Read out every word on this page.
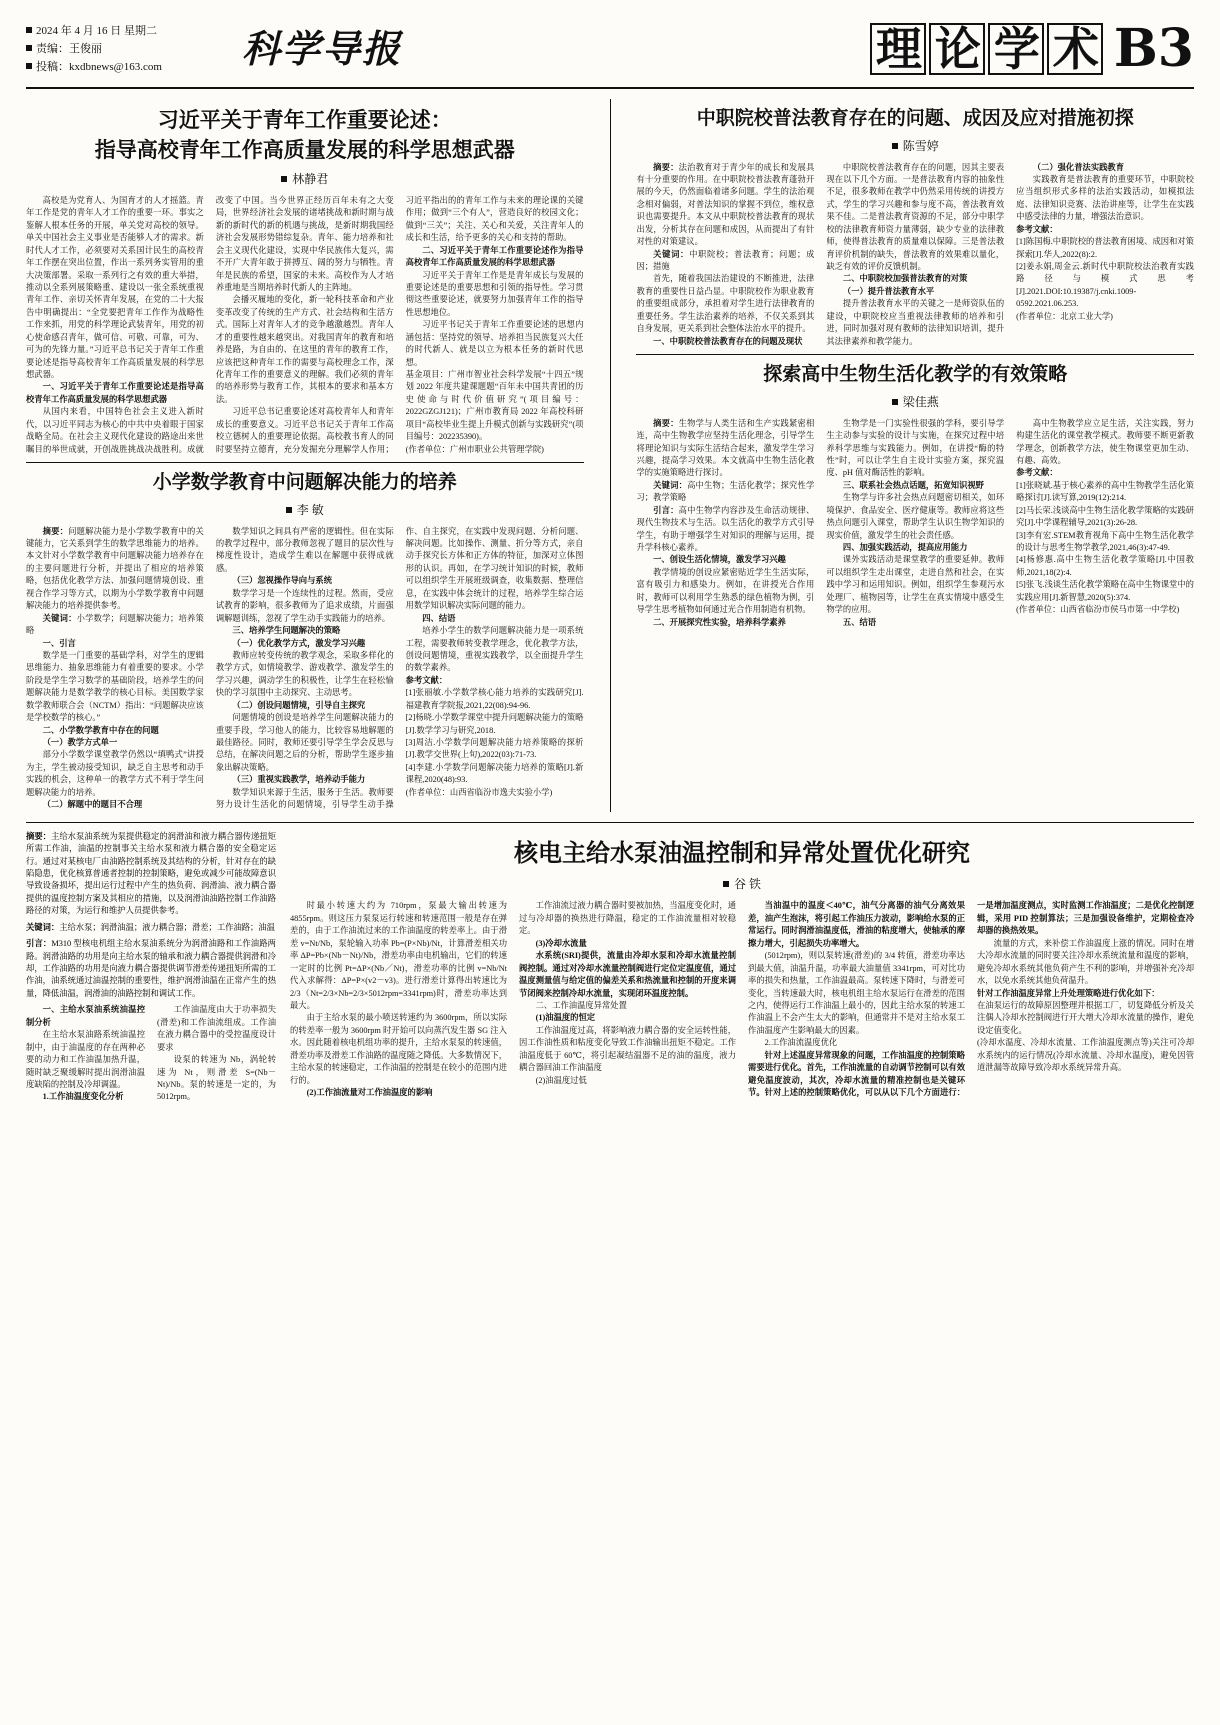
2024 年 4 月 16 日 星期二
责编：王俊丽
投稿：kxdbnews@163.com	科学导报	理 论 学 术 B3
习近平关于青年工作重要论述：
指导高校青年工作高质量发展的科学思想武器
林静君

高校是为党育人、为国育才的人才摇篮。青年工作是党的青年人才工作的重要一环。事实之鉴解人根本任务的开展，单关党对高校的领导。单关中国社会主义事业是否能够人才的需求。新时代人才工作，必须要对关系国计民生的高校青年工作摆在突出位置，作出一系列务实管用的重大决策部署。采取一系列行之有效的重大举措，推动以全系列展策略重、建设以一张全系统重视青年工作、亲切关怀青年发展，在党的二十大报告中明确提出：“全党要把青年工作作为战略性工作来抓，用党的科学理论武装青年，用党的初心使命感召青年，做可信、可敬、可靠，可为、可为的先锋力量。”习近平总书记关于青年工作重要论述是指导高校青年工作高质量发展的科学思想武器。

一、习近平关于青年工作重要论述是指导高校青年工作高质量发展的科学思想武器

从国内来看，中国特色社会主义进入新时代，以习近平同志为核心的中共中央着眼于国家战略全局。在社会主义现代化建设的路途出来世瞩目的举世成就，开创战胜挑战决战胜利。成就改变了中国。当今世界正经历百年未有之大变局，世界经济社会发展的诸堵挑战和新时期与战新的新时代的新的机遇与挑战，是新时期我国经济社会发展形势错综复杂。青年、能力培养和社会主义现代化建设，实现中华民族伟大复兴，需不开广大青年敢于拼搏互、阔的努力与牺牲。青年是民族的希望，国家的未来。高校作为人才培养重地是当期培养时代新人的主阵地。

会播灭履地的变化，新一轮科技革命和产业变革改变了传统的生产方式、社会结构和生活方式。国际上对青年人才的竞争越激越烈。青年人才的重要性越来越突出。对我国青年的教育和培养是路，为自由的、在这里的青年的教育工作，应该把这种青年工作的需要与高校理念工作，深化青年工作的重要意义的理解。我们必须的青年的培养形势与教育工作，其根本的要求和基本方法。

习近平总书记重要论述对高校青年人和青年成长的重要意义。习近平总书记关于青年工作高校立德树人的重要理论依据。高校教书育人的同时要坚持立德育，充分发掘充分理解学人作用；习近平指出的的青年工作与未来的理论课的关键作用；做到“三个有人”，营造良好的校园文化；做到“三关”；关注、关心和关爱，关注青年人的成长和生活，给予更多的关心和支持的帮助。

二、习近平关于青年工作重要论述作为指导高校青年工作高质量发展的科学思想武器

习近平关于青年工作是是青年成长与发展的重要论述是的重要思想和引领的指导性。学习贯彻这些重要论述，就要努力加强青年工作的指导性思想地位。

习近平书记关于青年工作重要论述的思想内涵包括：坚持党的领导、培养担当民族复兴大任的时代新人、就是以立为根本任务的新时代思想。

基金项目：广州市智业社会科学发展“十四五”规划 2022 年度共建课题题“百年未中国共青团的历史使命与时代价值研究”(项目编号：2022GZGJ121)；广州市教育局 2022 年高校科研项目“高校毕业生提上升模式创新与实践研究”(项目编号：202235390)。

(作者单位：广州市职业公共管理学院)

小学数学教育中问题解决能力的培养
李 敏

摘要：问题解决能力是小学数学教育中的关键能力，它关系到学生的数学思维能力的培养。本文针对小学数学教育中问题解决能力培养存在的主要问题进行分析，并提出了相应的培养策略，包括优化教学方法、加强问题情境创设、重视合作学习等方式，以期为小学数学教育中问题解决能力的培养提供参考。

关键词：小学数学；问题解决能力；培养策略

一、引言

数学是一门重要的基础学科，对学生的逻辑思维能力、抽象思维能力有着重要的要求。小学阶段是学生学习数学的基础阶段，培养学生的问题解决能力是数学教学的核心目标。美国数学家数学教师联合会（NCTM）指出：“问题解决应该是学校数学的核心。”

二、小学数学教育中存在的问题

（一）教学方式单一

部分小学数学课堂教学仍然以“填鸭式”讲授为主，学生被动接受知识，缺乏自主思考和动手实践的机会，这种单一的教学方式不利于学生问题解决能力的培养。

（二）解题中的题目不合理

数学知识之间具有严密的逻辑性。但在实际的教学过程中，部分教师忽视了题目的层次性与梯度性设计，造成学生难以在解题中获得成就感。

（三）忽视操作导向与系统

数学学习是一个连续性的过程。然而，受应试教育的影响，很多教师为了追求成绩，片面强调解题训练，忽视了学生动手实践能力的培养。

三、培养学生问题解决的策略

（一）优化教学方式，激发学习兴趣

教师应转变传统的教学观念，采取多样化的教学方式，如情境教学、游戏教学、激发学生的学习兴趣，调动学生的积极性，让学生在轻松愉快的学习氛围中主动探究、主动思考。

（二）创设问题情境，引导自主探究

问题情境的创设是培养学生问题解决能力的重要手段，学习他人的能力，比较容易地解题的最佳路径。同时，教师还要引导学生学会反思与总结，在解决问题之后的分析，帮助学生逐步抽象出解决策略。

（三）重视实践教学，培养动手能力

数学知识来源于生活，服务于生活。教师要努力设计生活化的问题情境，引导学生动手操作、自主探究，在实践中发现问题、分析问题、解决问题。比如操作、测量、折分等方式，亲自动手探究长方体和正方体的特征，加深对立体图形的认识。再如，在学习统计知识的时候，教师可以组织学生开展班级调查，收集数据、整理信息，在实践中体会统计的过程，培养学生综合运用数学知识解决实际问题的能力。

四、结语

培养小学生的数学问题解决能力是一项系统工程，需要教师转变教学理念，优化教学方法，创设问题情境，重视实践教学，以全面提升学生的数学素养。

参考文献：

[1]张丽敏.小学数学核心能力培养的实践研究[J].福建教育学院报,2021,22(08):94-96.

[2]杨晓.小学数学课堂中提升问题解决能力的策略[J].数学学习与研究,2018.

[3]周洁.小学数学问题解决能力培养策略的探析[J].教学交世界(上旬),2022(03):71-73.

[4]李建.小学数学问题解决能力培养的策略[J].新课程,2020(48):93.

(作者单位：山西省临汾市逸夫实验小学)

中职院校普法教育存在的问题、成因及应对措施初探
陈雪婷

摘要：法治教育对于青少年的成长和发展具有十分重要的作用。在中职院校普法教育蓬勃开展的今天，仍然面临着诸多问题。学生的法治观念相对偏弱，对普法知识的掌握不到位，维权意识也需要提升。本文从中职院校普法教育的现状出发，分析其存在问题和成因，从而提出了有针对性的对策建议。

关键词：中职院校；普法教育；问题；成因；措施

首先，随着我国法治建设的不断推进，法律教育的重要性日益凸显。中职院校作为职业教育的重要组成部分，承担着对学生进行法律教育的重要任务。学生法治素养的培养，不仅关系到其自身发展，更关系到社会整体法治水平的提升。

一、中职院校普法教育存在的问题及现状

中职院校普法教育存在的问题，因其主要表现在以下几个方面。一是普法教育内容的抽象性不足，很多教师在教学中仍然采用传统的讲授方式，学生的学习兴趣和参与度不高，普法教育效果不佳。二是普法教育资源的不足，部分中职学校的法律教育师资力量薄弱，缺少专业的法律教师，使得普法教育的质量难以保障。三是普法教育评价机制的缺失，普法教育的效果难以量化，缺乏有效的评价反馈机制。

二、中职院校加强普法教育的对策

（一）提升普法教育水平

提升普法教育水平的关键之一是师资队伍的建设，中职院校应当重视法律教师的培养和引进，同时加强对现有教师的法律知识培训，提升其法律素养和教学能力。

（二）强化普法实践教育

实践教育是普法教育的重要环节，中职院校应当组织形式多样的法治实践活动，如模拟法庭、法律知识竞赛、法治讲座等，让学生在实践中感受法律的力量，增强法治意识。

参考文献：

[1]陈国梅.中职院校的普法教育困境、成因和对策探索[J].华人,2022(8):2.

[2]姜永娟,周金云.新时代中职院校法治教育实践路径与模式思考[J].2021.DOI:10.19387/j.cnki.1009-0592.2021.06.253.

(作者单位：北京工业大学)

探索高中生物生活化教学的有效策略
梁佳燕

摘要：生物学与人类生活和生产实践紧密相连，高中生物教学应坚持生活化理念，引导学生将理论知识与实际生活结合起来，激发学生学习兴趣，提高学习效果。本文就高中生物生活化教学的实施策略进行探讨。

关键词：高中生物；生活化教学；探究性学习；教学策略

引言：高中生物学内容涉及生命活动规律、现代生物技术与生活。以生活化的教学方式引导学生，有助于增强学生对知识的理解与运用，提升学科核心素养。

一、创设生活化情境，激发学习兴趣

教学情境的创设应紧密贴近学生生活实际，富有吸引力和感染力。例如，在讲授光合作用时，教师可以利用学生熟悉的绿色植物为例，引导学生思考植物如何通过光合作用制造有机物。

二、开展探究性实验，培养科学素养

生物学是一门实验性很强的学科，要引导学生主动参与实验的设计与实施，在探究过程中培养科学思维与实践能力。例如，在讲授“酶的特性”时，可以让学生自主设计实验方案，探究温度、pH 值对酶活性的影响。

三、联系社会热点话题，拓宽知识视野

生物学与许多社会热点问题密切相关，如环境保护、食品安全、医疗健康等。教师应将这些热点问题引入课堂，帮助学生认识生物学知识的现实价值，激发学生的社会责任感。

四、加强实践活动，提高应用能力

课外实践活动是课堂教学的重要延伸。教师可以组织学生走出课堂，走进自然和社会，在实践中学习和运用知识。例如，组织学生参观污水处理厂、植物园等，让学生在真实情境中感受生物学的应用。

五、结语

高中生物教学应立足生活，关注实践，努力构建生活化的课堂教学模式。教师要不断更新教学理念，创新教学方法，使生物课堂更加生动、有趣、高效。

参考文献：

[1]张晓斌.基于核心素养的高中生物教学生活化策略探讨[J].读写算,2019(12):214.

[2]马长荣.浅谈高中生物生活化教学策略的实践研究[J].中学课程辅导,2021(3):26-28.

[3]李有宏.STEM教育视角下高中生物生活化教学的设计与思考生物学教学,2021,46(3):47-49.

[4]杨修惠.高中生物生活化教学策略[J].中国教师,2021,18(2):4.

[5]张飞.浅谈生活化教学策略在高中生物课堂中的实践应用[J].新智慧,2020(5):374.

(作者单位：山西省临汾市侯马市第一中学校)

摘要：主给水泵油系统为泵提供稳定的润滑油和液力耦合器传递扭矩所需工作油，油温的控制事关主给水泵和液力耦合器的安全稳定运行。通过对某核电厂由油路控制系统及其结构的分析，针对存在的缺陷隐患，优化核算普通者控制的控制策略，避免或减少可能故障意识导致设备损坏，提出运行过程中产生的热负荷、润滑油、液力耦合器提供的温度控制方案及其相应的措施，以及润滑油油路控制工作油路路径的对策，为运行和维护人员提供参考。

关键词：主给水泵；润滑油温；液力耦合器；滑差；工作油路；油温

引言：M310 型核电机组主给水泵油系统分为润滑油路和工作油路两路。润滑油路的功用是向主给水泵的轴承和液力耦合器提供润滑和冷却，工作油路的功用是向液力耦合器提供调节滑差传递扭矩所需的工作油，油系统通过油温控制的重要性，维护润滑油温在正常产生的热量，降低油温，润滑油的油路控制和调试工作。

一、主给水泵油系统油温控制分析

在主给水泵油路系统油温控制中，由于油温度的存在两种必要的动力和工作油温加热升温，随时缺乏聚缓解时提出润滑油温度缺陷的控制及冷却调温。

1.工作油温度变化分析

工作油温度由大于功率损失(滑差)和工作油流组成。工作油在液力耦合器中的受控温度设计要求

设泵的转速为 Nb，涡轮转速为 Nt，则滑差 S=(Nb－Nt)/Nb。泵的转速是一定的，为 5012rpm。

核电主给水泵油温控制和异常处置优化研究
谷 铁

时最小转速大约为 710rpm，泵最大输出转速为 4855rpm。则这压力泵泵运行转速和转速范围一般是存在弹差的，由于工作油流过来的工作油温度的转差率上。由于滑差 v=Nt/Nb，泵轮输入功率 Pb=(P×Nb)/Nt，计算滑差相关功率 ΔP=Pb×(Nb－Nt)/Nb，滑差功率由电机输出，它们的转速一定时的比例 Pt=ΔP×(Nb／Nt)，滑差功率的比例 v=Nb/Nt 代入求解得：ΔP=P×(v2－v3)。进行滑差计算得出转速比为 2/3（Nt=2/3×Nb=2/3×5012rpm=3341rpm)时，滑差功率达到最大。

由于主给水泵的最小喷送转速约为 3600rpm，所以实际的转差率一般为 3600rpm 时开始可以向蒸汽发生器 SG 注入水。因此随着核电机组功率的提升，主给水泵泵的转速值，滑差功率及滑差工作油路的温度随之降低。大多数情况下，主给水泵的转速稳定，工作油温的控制是在较小的范围内进行的。

(2)工作油流量对工作油温度的影响

工作油流过液力耦合器时要被加热，当温度变化时，通过与冷却器的换热进行降温，稳定的工作油流量相对较稳定。

(3)冷却水流量

水系统(SRI)提供，流量由冷却水泵和冷却水流量控制阀控制。通过对冷却水流量控制阀进行定位定温度值，通过温度测量值与给定值的偏差关系和热流量和控制的开度来调节闭阀来控制冷却水流量，实现闭环温度控制。

二、工作油温度异常处置

(1)油温度的恒定

工作油温度过高，将影响液力耦合器的安全运转性能，因工作油性质和粘度变化导致工作油输出扭矩不稳定。工作油温度低于 60℃，将引起凝结温器不足的油的温度，液力耦合器回油工作油温度

(2)油温度过低

当油温中的温度＜40℃，油气分离器的油气分离效果差，油产生泡沫，将引起工作油压力波动，影响给水泵的正常运行。同时润滑油温度低，滑油的粘度增大，使轴承的摩擦力增大，引起损失功率增大。

(5012rpm)，则以泵转速(滑差)的 3/4 转值，滑差功率达到最大值，油温升温，功率最大油量值 3341rpm，可对比功率的损失和热量，工作油温最高。泵转速下降时，与滑差可变化，当转速最大时，核电机组主给水泵运行在滑差的范围之内，使得运行工作油温上最小的，因此主给水泵的转速工作油温上不会产生太大的影响，但通常并不是对主给水泵工作油温度产生影响最大的因素。

2.工作油流温度优化

针对上述温度异常现象的问题，工作油温度的控制策略需要进行优化。首先，工作油流量的自动调节控制可以有效避免温度波动，其次，冷却水流量的精准控制也是关键环节。针对上述的控制策略优化，可以从以下几个方面进行：一是增加温度测点，实时监测工作油温度；二是优化控制逻辑，采用 PID 控制算法；三是加强设备维护，定期检查冷却器的换热效果。

流量的方式，来补偿工作油温度上涨的情况。同时在增大冷却水流量的同时要关注冷却水系统流量和温度的影响，避免冷却水系统其他负荷产生不利的影响，并增强补充冷却水，以免水系统其他负荷温升。

针对工作油温度异常上升处理策略进行优化如下：

在油泵运行的故障原因整理并根据工厂，切复降低分析及关注偶人冷却水控制阀进行开大增大冷却水流量的操作，避免设定值变化。

(冷却水温度、冷却水流量、工作油温度测点等)关注可冷却水系统内的运行情况(冷却水流量、冷却水温度)，避免因管道泄漏等故障导致冷却水系统异常升高。
